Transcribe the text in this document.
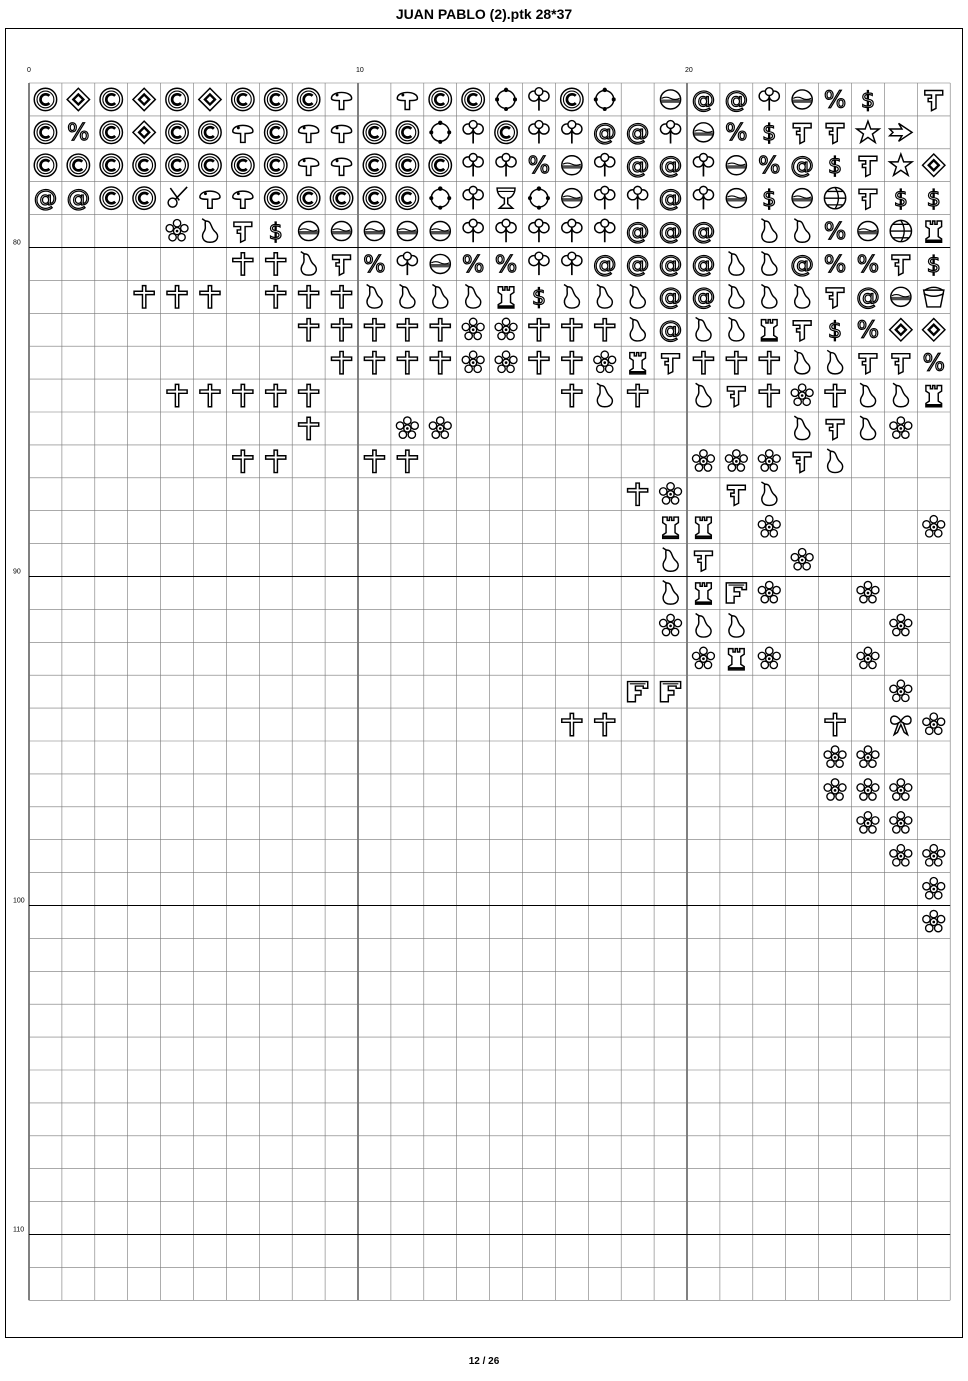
JUAN PABLO (2).ptk 28*37
0	10	20
80
90
100
110
12 / 26
